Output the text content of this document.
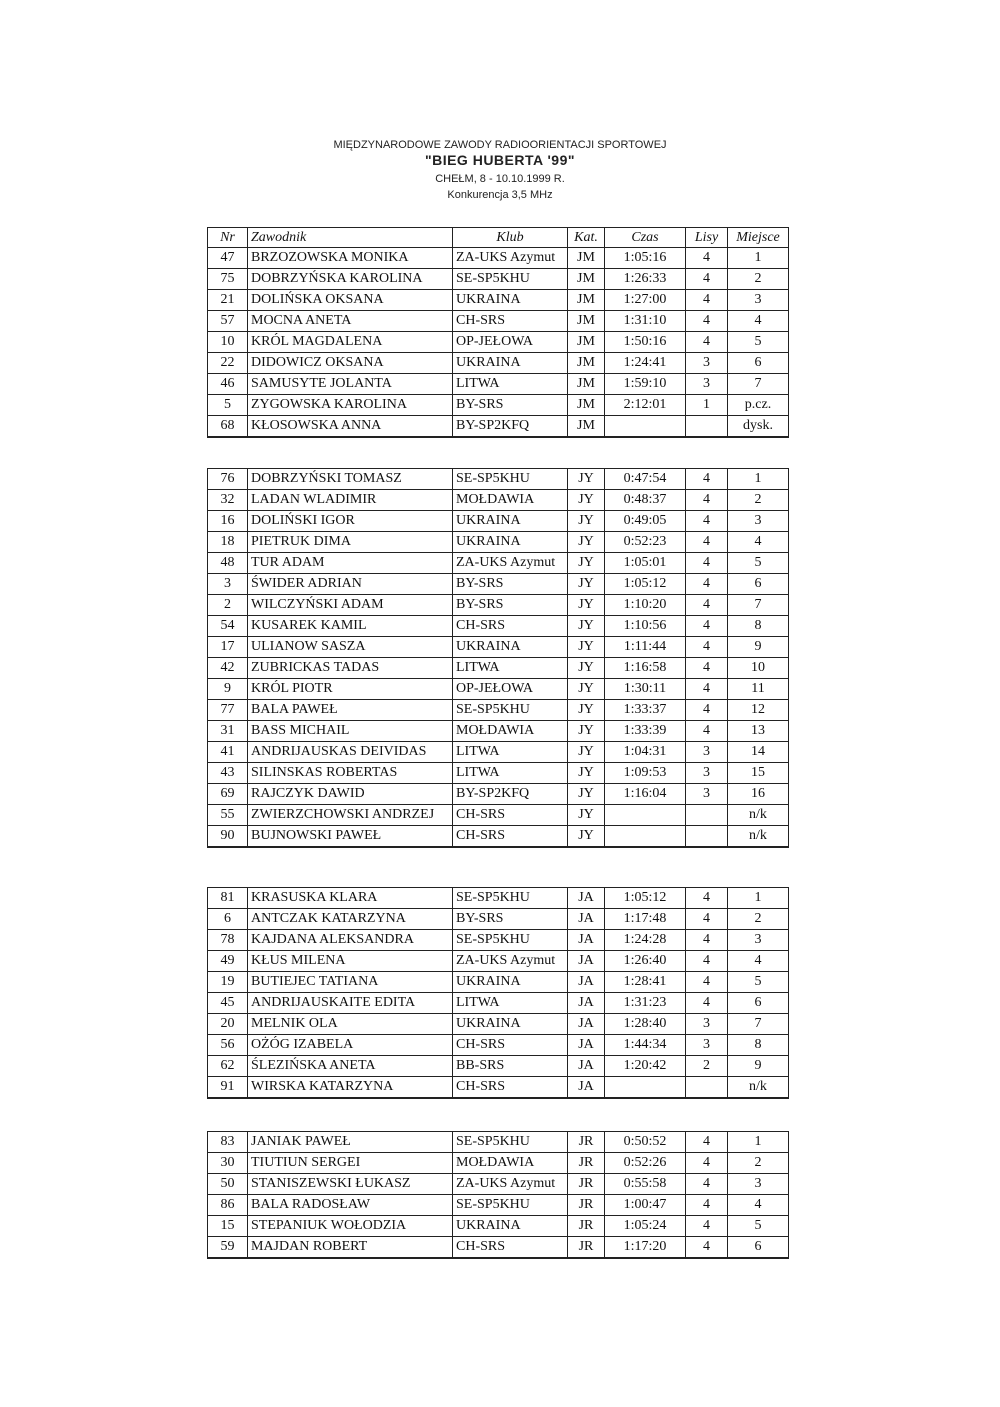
MIĘDZYNARODOWE ZAWODY RADIOORIENTACJI SPORTOWEJ
"BIEG HUBERTA '99"
CHEŁM, 8 - 10.10.1999 R.
Konkurencja 3,5 MHz
Nr	Zawodnik	Klub	Kat.	Czas	Lisy	Miejsce
47	BRZOZOWSKA MONIKA	ZA-UKS Azymut	JM	1:05:16	4	1
75	DOBRZYŃSKA KAROLINA	SE-SP5KHU	JM	1:26:33	4	2
21	DOLIŃSKA OKSANA	UKRAINA	JM	1:27:00	4	3
57	MOCNA ANETA	CH-SRS	JM	1:31:10	4	4
10	KRÓL MAGDALENA	OP-JEŁOWA	JM	1:50:16	4	5
22	DIDOWICZ OKSANA	UKRAINA	JM	1:24:41	3	6
46	SAMUSYTE JOLANTA	LITWA	JM	1:59:10	3	7
5	ZYGOWSKA KAROLINA	BY-SRS	JM	2:12:01	1	p.cz.
68	KŁOSOWSKA ANNA	BY-SP2KFQ	JM			dysk.
76	DOBRZYŃSKI TOMASZ	SE-SP5KHU	JY	0:47:54	4	1
32	LADAN WLADIMIR	MOŁDAWIA	JY	0:48:37	4	2
16	DOLIŃSKI IGOR	UKRAINA	JY	0:49:05	4	3
18	PIETRUK DIMA	UKRAINA	JY	0:52:23	4	4
48	TUR ADAM	ZA-UKS Azymut	JY	1:05:01	4	5
3	ŚWIDER ADRIAN	BY-SRS	JY	1:05:12	4	6
2	WILCZYŃSKI ADAM	BY-SRS	JY	1:10:20	4	7
54	KUSAREK KAMIL	CH-SRS	JY	1:10:56	4	8
17	ULIANOW SASZA	UKRAINA	JY	1:11:44	4	9
42	ZUBRICKAS TADAS	LITWA	JY	1:16:58	4	10
9	KRÓL PIOTR	OP-JEŁOWA	JY	1:30:11	4	11
77	BALA PAWEŁ	SE-SP5KHU	JY	1:33:37	4	12
31	BASS MICHAIL	MOŁDAWIA	JY	1:33:39	4	13
41	ANDRIJAUSKAS DEIVIDAS	LITWA	JY	1:04:31	3	14
43	SILINSKAS ROBERTAS	LITWA	JY	1:09:53	3	15
69	RAJCZYK DAWID	BY-SP2KFQ	JY	1:16:04	3	16
55	ZWIERZCHOWSKI ANDRZEJ	CH-SRS	JY			n/k
90	BUJNOWSKI PAWEŁ	CH-SRS	JY			n/k
81	KRASUSKA KLARA	SE-SP5KHU	JA	1:05:12	4	1
6	ANTCZAK KATARZYNA	BY-SRS	JA	1:17:48	4	2
78	KAJDANA ALEKSANDRA	SE-SP5KHU	JA	1:24:28	4	3
49	KŁUS MILENA	ZA-UKS Azymut	JA	1:26:40	4	4
19	BUTIEJEC TATIANA	UKRAINA	JA	1:28:41	4	5
45	ANDRIJAUSKAITE EDITA	LITWA	JA	1:31:23	4	6
20	MELNIK OLA	UKRAINA	JA	1:28:40	3	7
56	OŻÓG IZABELA	CH-SRS	JA	1:44:34	3	8
62	ŚLEZIŃSKA ANETA	BB-SRS	JA	1:20:42	2	9
91	WIRSKA KATARZYNA	CH-SRS	JA			n/k
83	JANIAK PAWEŁ	SE-SP5KHU	JR	0:50:52	4	1
30	TIUTIUN SERGEI	MOŁDAWIA	JR	0:52:26	4	2
50	STANISZEWSKI ŁUKASZ	ZA-UKS Azymut	JR	0:55:58	4	3
86	BALA RADOSŁAW	SE-SP5KHU	JR	1:00:47	4	4
15	STEPANIUK WOŁODZIA	UKRAINA	JR	1:05:24	4	5
59	MAJDAN ROBERT	CH-SRS	JR	1:17:20	4	6
